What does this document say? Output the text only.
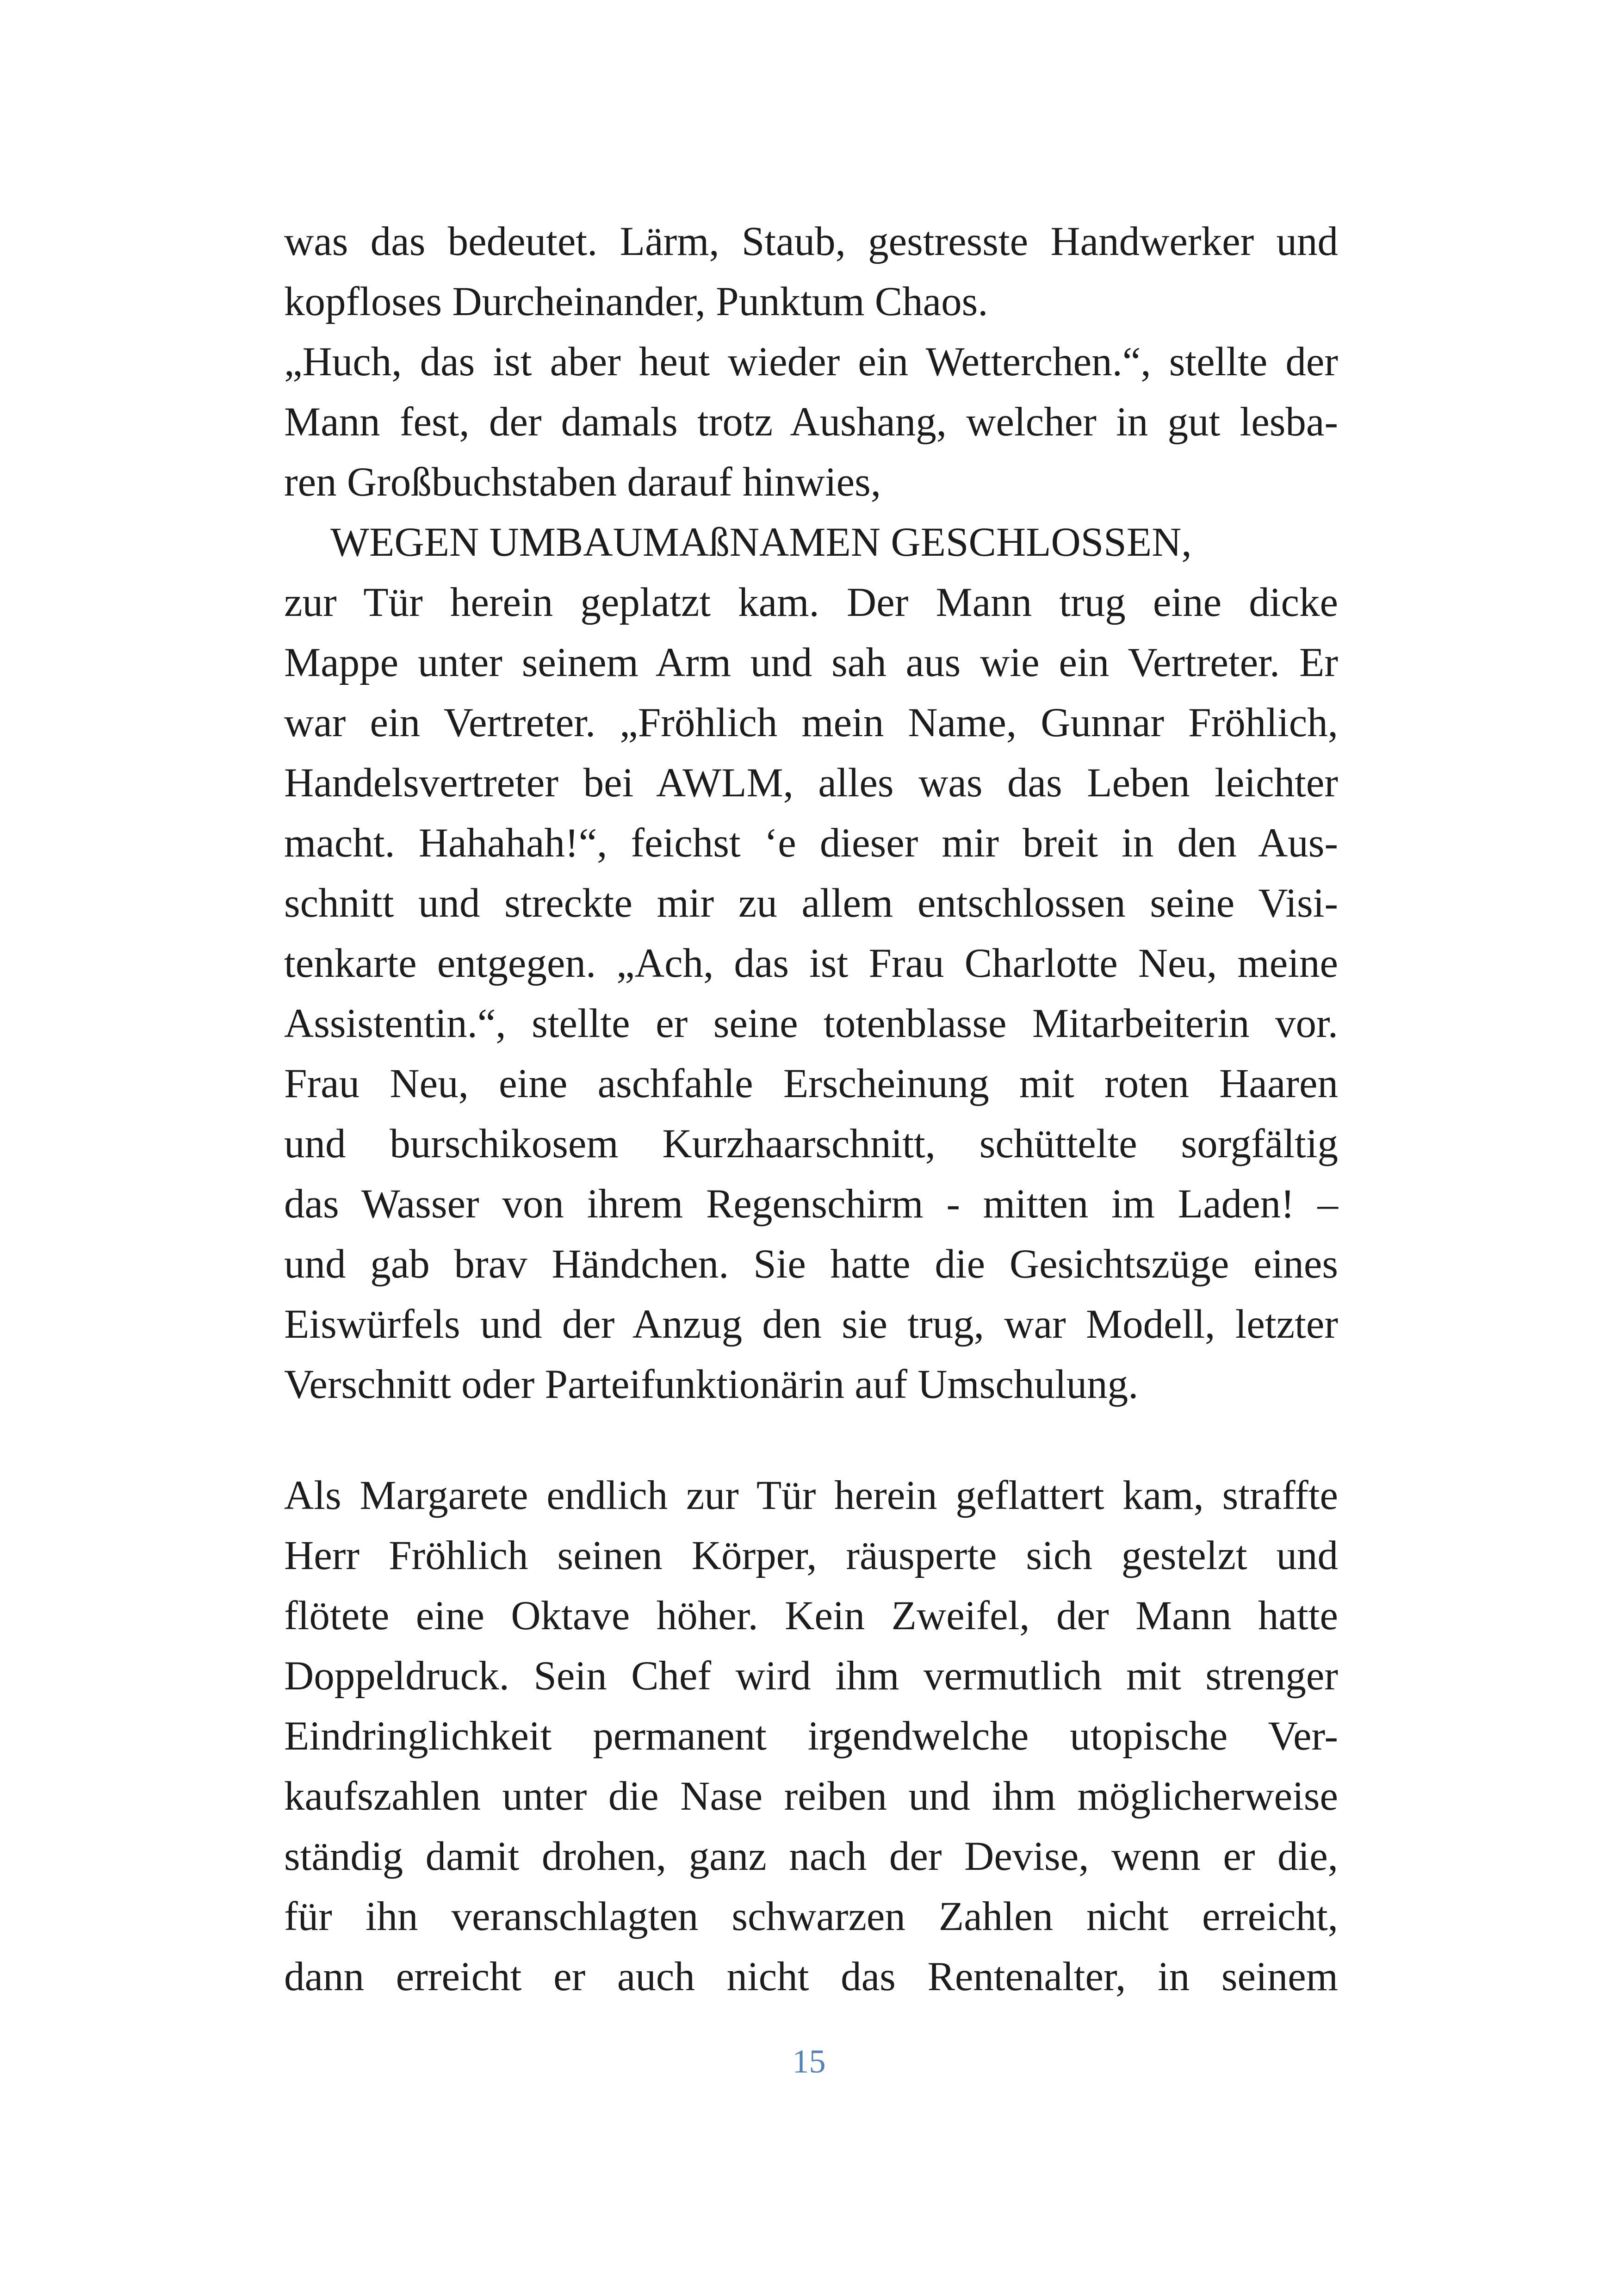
was das bedeutet. Lärm, Staub, gestresste Handwerker und
kopfloses Durcheinander, Punktum Chaos.
„Huch, das ist aber heut wieder ein Wetterchen.“, stellte der
Mann fest, der damals trotz Aushang, welcher in gut lesba-
ren Großbuchstaben darauf hinwies,
WEGEN UMBAUMAßNAMEN GESCHLOSSEN,
zur Tür herein geplatzt kam. Der Mann trug eine dicke
Mappe unter seinem Arm und sah aus wie ein Vertreter. Er
war ein Vertreter. „Fröhlich mein Name, Gunnar Fröhlich,
Handelsvertreter bei AWLM, alles was das Leben leichter
macht. Hahahah!“, feichst ‘e dieser mir breit in den Aus-
schnitt und streckte mir zu allem entschlossen seine Visi-
tenkarte entgegen. „Ach, das ist Frau Charlotte Neu, meine
Assistentin.“, stellte er seine totenblasse Mitarbeiterin vor.
Frau Neu, eine aschfahle Erscheinung mit roten Haaren
und burschikosem Kurzhaarschnitt, schüttelte sorgfältig
das Wasser von ihrem Regenschirm - mitten im Laden! –
und gab brav Händchen. Sie hatte die Gesichtszüge eines
Eiswürfels und der Anzug den sie trug, war Modell, letzter
Verschnitt oder Parteifunktionärin auf Umschulung.
Als Margarete endlich zur Tür herein geflattert kam, straffte
Herr Fröhlich seinen Körper, räusperte sich gestelzt und
flötete eine Oktave höher. Kein Zweifel, der Mann hatte
Doppeldruck. Sein Chef wird ihm vermutlich mit strenger
Eindringlichkeit permanent irgendwelche utopische Ver-
kaufszahlen unter die Nase reiben und ihm möglicherweise
ständig damit drohen, ganz nach der Devise, wenn er die,
für ihn veranschlagten schwarzen Zahlen nicht erreicht,
dann erreicht er auch nicht das Rentenalter, in seinem
15
